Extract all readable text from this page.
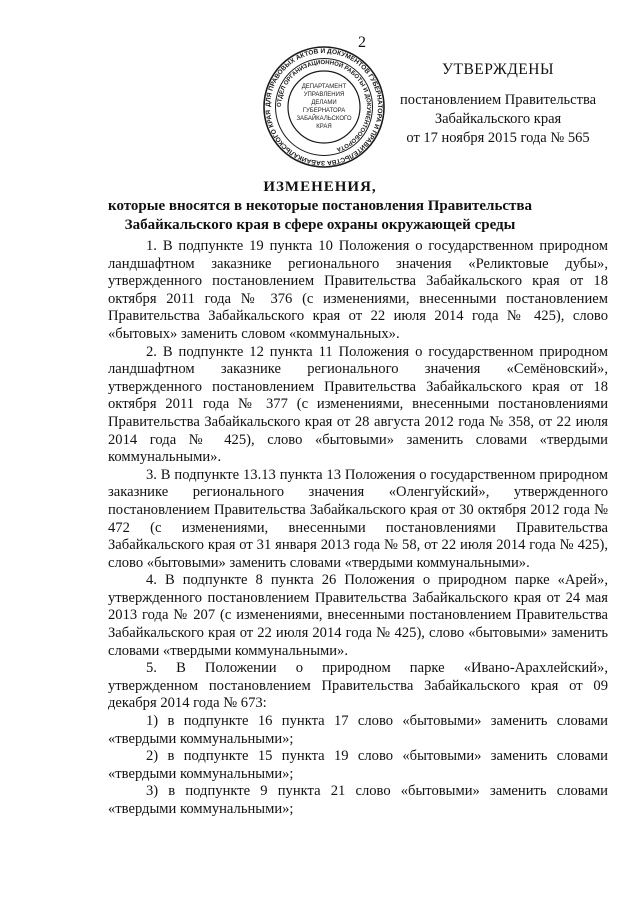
2
ДЛЯ ПРАВОВЫХ АКТОВ И ДОКУМЕНТОВ ГУБЕРНАТОРА И ПРАВИТЕЛЬСТВА ЗАБАЙКАЛЬСКОГО КРАЯ
ОТДЕЛ ОРГАНИЗАЦИОННОЙ РАБОТЫ И ДОКУМЕНТООБОРОТА
ДЕПАРТАМЕНТ
УПРАВЛЕНИЯ
ДЕЛАМИ
ГУБЕРНАТОРА
ЗАБАЙКАЛЬСКОГО
КРАЯ
УТВЕРЖДЕНЫ
постановлением Правительства
Забайкальского края
от 17 ноября 2015 года № 565
ИЗМЕНЕНИЯ,
которые вносятся в некоторые постановления Правительства
Забайкальского края в сфере охраны окружающей среды

1. В подпункте 19 пункта 10 Положения о государственном природном ландшафтном заказнике регионального значения «Реликтовые дубы», утвержденного постановлением Правительства Забайкальского края от 18 октября 2011 года № 376 (с изменениями, внесенными постановлением Правительства Забайкальского края от 22 июля 2014 года № 425), слово «бытовых» заменить словом «коммунальных».

2. В подпункте 12 пункта 11 Положения о государственном природном ландшафтном заказнике регионального значения «Семёновский», утвержденного постановлением Правительства Забайкальского края от 18 октября 2011 года № 377 (с изменениями, внесенными постановлениями Правительства Забайкальского края от 28 августа 2012 года № 358, от 22 июля 2014 года № 425), слово «бытовыми» заменить словами «твердыми коммунальными».

3. В подпункте 13.13 пункта 13 Положения о государственном природном заказнике регионального значения «Оленгуйский», утвержденного постановлением Правительства Забайкальского края от 30 октября 2012 года № 472 (с изменениями, внесенными постановлениями Правительства Забайкальского края от 31 января 2013 года № 58, от 22 июля 2014 года № 425), слово «бытовыми» заменить словами «твердыми коммунальными».

4. В подпункте 8 пункта 26 Положения о природном парке «Арей», утвержденного постановлением Правительства Забайкальского края от 24 мая 2013 года № 207 (с изменениями, внесенными постановлением Правительства Забайкальского края от 22 июля 2014 года № 425), слово «бытовыми» заменить словами «твердыми коммунальными».

5. В Положении о природном парке «Ивано-Арахлейский», утвержденном постановлением Правительства Забайкальского края от 09 декабря 2014 года № 673:

1) в подпункте 16 пункта 17 слово «бытовыми» заменить словами «твердыми коммунальными»;

2) в подпункте 15 пункта 19 слово «бытовыми» заменить словами «твердыми коммунальными»;

3) в подпункте 9 пункта 21 слово «бытовыми» заменить словами «твердыми коммунальными»;
